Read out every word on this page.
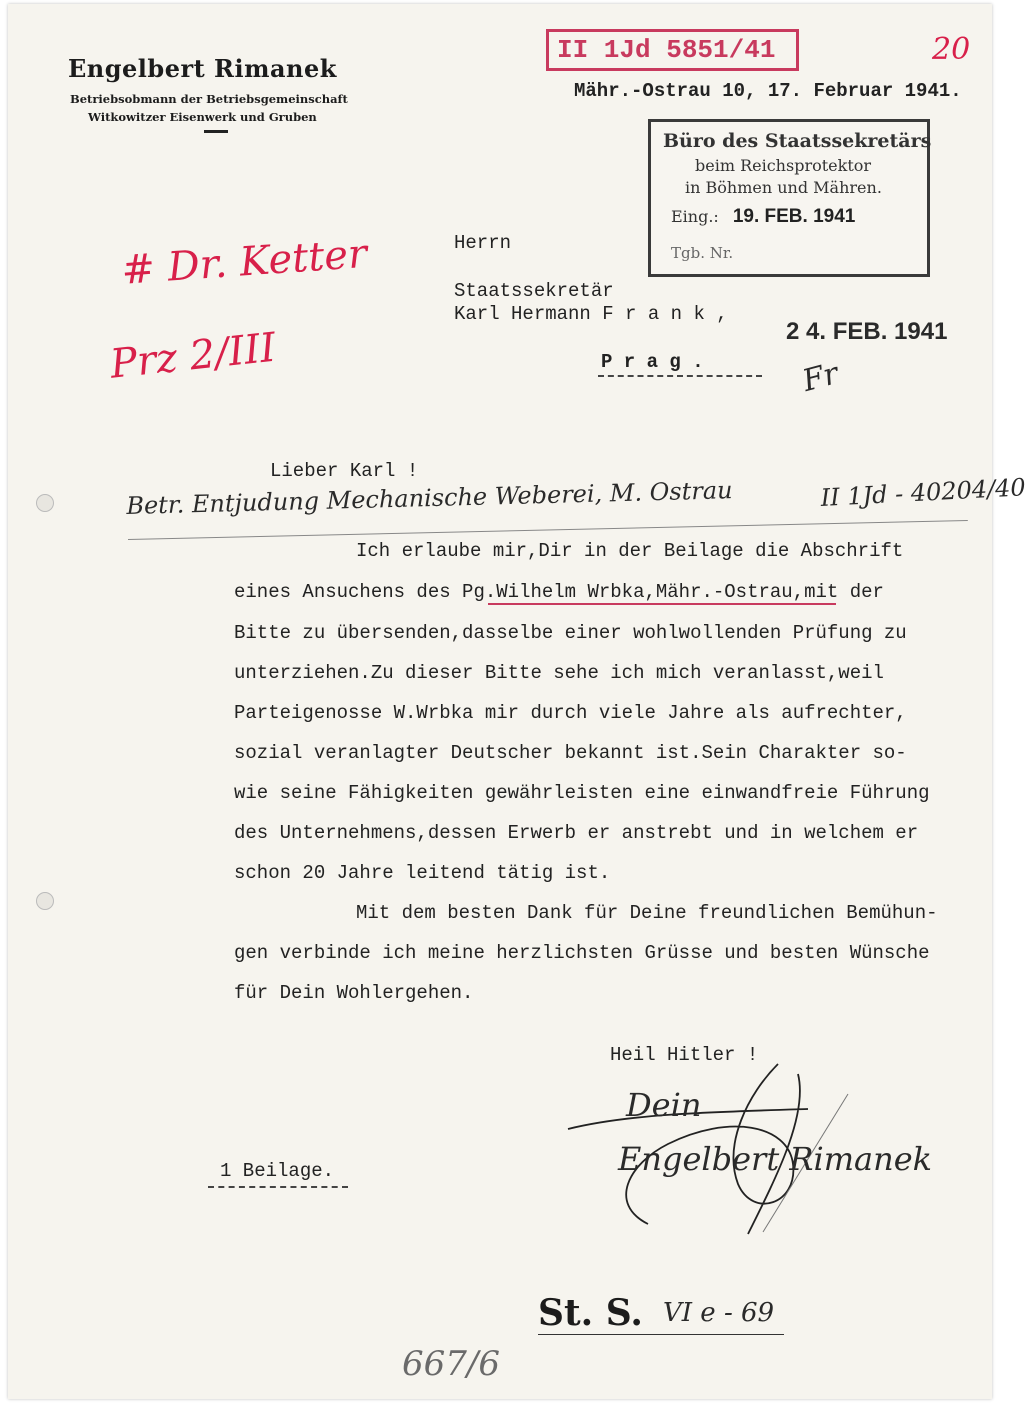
Engelbert Rimanek
Betriebsobmann der Betriebsgemeinschaft
Witkowitzer Eisenwerk und Gruben
II 1Jd 5851/41	20
Mähr.-Ostrau 10, 17. Februar 1941.
Büro des Staatssekretärs
beim Reichsprotektor
in Böhmen und Mähren.
Eing.: 19. FEB. 1941
Tgb. Nr.
Herrn
Staatssekretär
Karl Hermann F r a n k ,
P r a g .
2 4. FEB. 1941
# Dr. Ketter
Prz 2/III	Fr
Lieber Karl !
Betr. Entjudung Mechanische Weberei, M. Ostrau	II 1Jd - 40204/40
Ich erlaube mir,Dir in der Beilage die Abschrift
eines Ansuchens des Pg.Wilhelm Wrbka,Mähr.-Ostrau,mit der
Bitte zu übersenden,dasselbe einer wohlwollenden Prüfung zu
unterziehen.Zu dieser Bitte sehe ich mich veranlasst,weil
Parteigenosse W.Wrbka mir durch viele Jahre als aufrechter,
sozial veranlagter Deutscher bekannt ist.Sein Charakter so-
wie seine Fähigkeiten gewährleisten eine einwandfreie Führung
des Unternehmens,dessen Erwerb er anstrebt und in welchem er
schon 20 Jahre leitend tätig ist.
Mit dem besten Dank für Deine freundlichen Bemühun-
gen verbinde ich meine herzlichsten Grüsse und besten Wünsche
für Dein Wohlergehen.
Heil Hitler !
Dein
Engelbert Rimanek
1 Beilage.
St. S. VI e - 69
667/6
